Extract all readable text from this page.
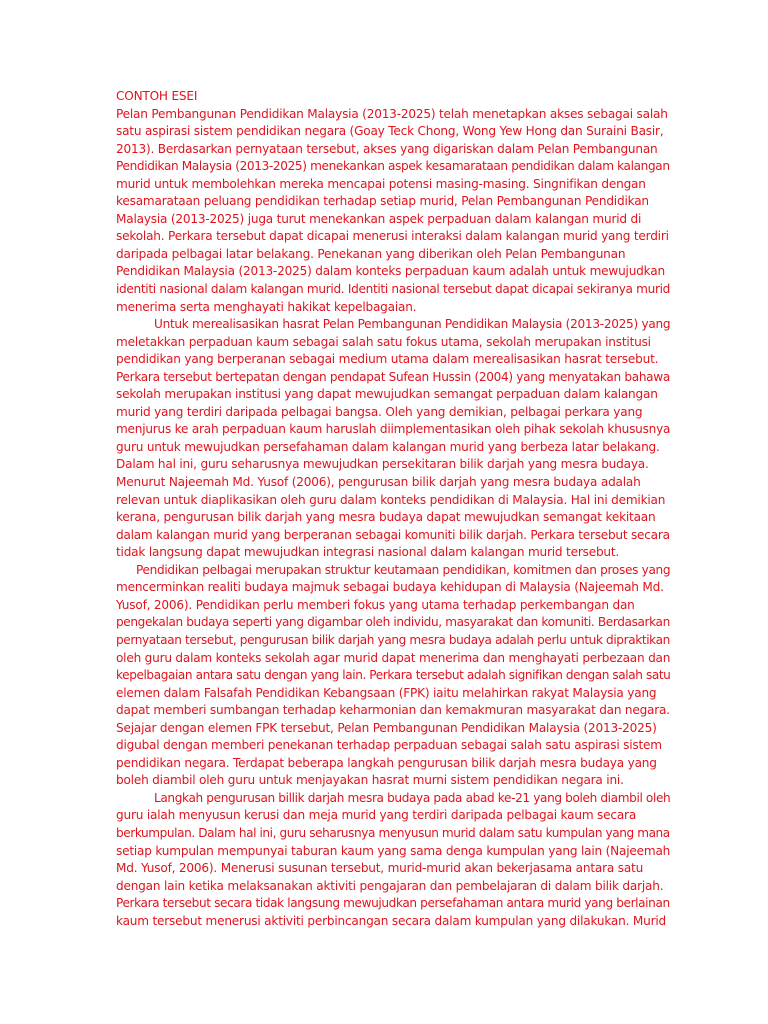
CONTOH ESEI
Pelan Pembangunan Pendidikan Malaysia (2013-2025) telah menetapkan akses sebagai salah
satu aspirasi sistem pendidikan negara (Goay Teck Chong, Wong Yew Hong dan Suraini Basir,
2013). Berdasarkan pernyataan tersebut, akses yang digariskan dalam Pelan Pembangunan
Pendidikan Malaysia (2013-2025) menekankan aspek kesamarataan pendidikan dalam kalangan
murid untuk membolehkan mereka mencapai potensi masing-masing. Singnifikan dengan
kesamarataan peluang pendidikan terhadap setiap murid, Pelan Pembangunan Pendidikan
Malaysia (2013-2025) juga turut menekankan aspek perpaduan dalam kalangan murid di
sekolah. Perkara tersebut dapat dicapai menerusi interaksi dalam kalangan murid yang terdiri
daripada pelbagai latar belakang. Penekanan yang diberikan oleh Pelan Pembangunan
Pendidikan Malaysia (2013-2025) dalam konteks perpaduan kaum adalah untuk mewujudkan
identiti nasional dalam kalangan murid. Identiti nasional tersebut dapat dicapai sekiranya murid
menerima serta menghayati hakikat kepelbagaian.
Untuk merealisasikan hasrat Pelan Pembangunan Pendidikan Malaysia (2013-2025) yang
meletakkan perpaduan kaum sebagai salah satu fokus utama, sekolah merupakan institusi
pendidikan yang berperanan sebagai medium utama dalam merealisasikan hasrat tersebut.
Perkara tersebut bertepatan dengan pendapat Sufean Hussin (2004) yang menyatakan bahawa
sekolah merupakan institusi yang dapat mewujudkan semangat perpaduan dalam kalangan
murid yang terdiri daripada pelbagai bangsa. Oleh yang demikian, pelbagai perkara yang
menjurus ke arah perpaduan kaum haruslah diimplementasikan oleh pihak sekolah khususnya
guru untuk mewujudkan persefahaman dalam kalangan murid yang berbeza latar belakang.
Dalam hal ini, guru seharusnya mewujudkan persekitaran bilik darjah yang mesra budaya.
Menurut Najeemah Md. Yusof (2006), pengurusan bilik darjah yang mesra budaya adalah
relevan untuk diaplikasikan oleh guru dalam konteks pendidikan di Malaysia. Hal ini demikian
kerana, pengurusan bilik darjah yang mesra budaya dapat mewujudkan semangat kekitaan
dalam kalangan murid yang berperanan sebagai komuniti bilik darjah. Perkara tersebut secara
tidak langsung dapat mewujudkan integrasi nasional dalam kalangan murid tersebut.
Pendidikan pelbagai merupakan struktur keutamaan pendidikan, komitmen dan proses yang
mencerminkan realiti budaya majmuk sebagai budaya kehidupan di Malaysia (Najeemah Md.
Yusof, 2006). Pendidikan perlu memberi fokus yang utama terhadap perkembangan dan
pengekalan budaya seperti yang digambar oleh individu, masyarakat dan komuniti. Berdasarkan
pernyataan tersebut, pengurusan bilik darjah yang mesra budaya adalah perlu untuk dipraktikan
oleh guru dalam konteks sekolah agar murid dapat menerima dan menghayati perbezaan dan
kepelbagaian antara satu dengan yang lain. Perkara tersebut adalah signifikan dengan salah satu
elemen dalam Falsafah Pendidikan Kebangsaan (FPK) iaitu melahirkan rakyat Malaysia yang
dapat memberi sumbangan terhadap keharmonian dan kemakmuran masyarakat dan negara.
Sejajar dengan elemen FPK tersebut, Pelan Pembangunan Pendidikan Malaysia (2013-2025)
digubal dengan memberi penekanan terhadap perpaduan sebagai salah satu aspirasi sistem
pendidikan negara. Terdapat beberapa langkah pengurusan bilik darjah mesra budaya yang
boleh diambil oleh guru untuk menjayakan hasrat murni sistem pendidikan negara ini.
Langkah pengurusan billik darjah mesra budaya pada abad ke-21 yang boleh diambil oleh
guru ialah menyusun kerusi dan meja murid yang terdiri daripada pelbagai kaum secara
berkumpulan. Dalam hal ini, guru seharusnya menyusun murid dalam satu kumpulan yang mana
setiap kumpulan mempunyai taburan kaum yang sama denga kumpulan yang lain (Najeemah
Md. Yusof, 2006). Menerusi susunan tersebut, murid-murid akan bekerjasama antara satu
dengan lain ketika melaksanakan aktiviti pengajaran dan pembelajaran di dalam bilik darjah.
Perkara tersebut secara tidak langsung mewujudkan persefahaman antara murid yang berlainan
kaum tersebut menerusi aktiviti perbincangan secara dalam kumpulan yang dilakukan. Murid
